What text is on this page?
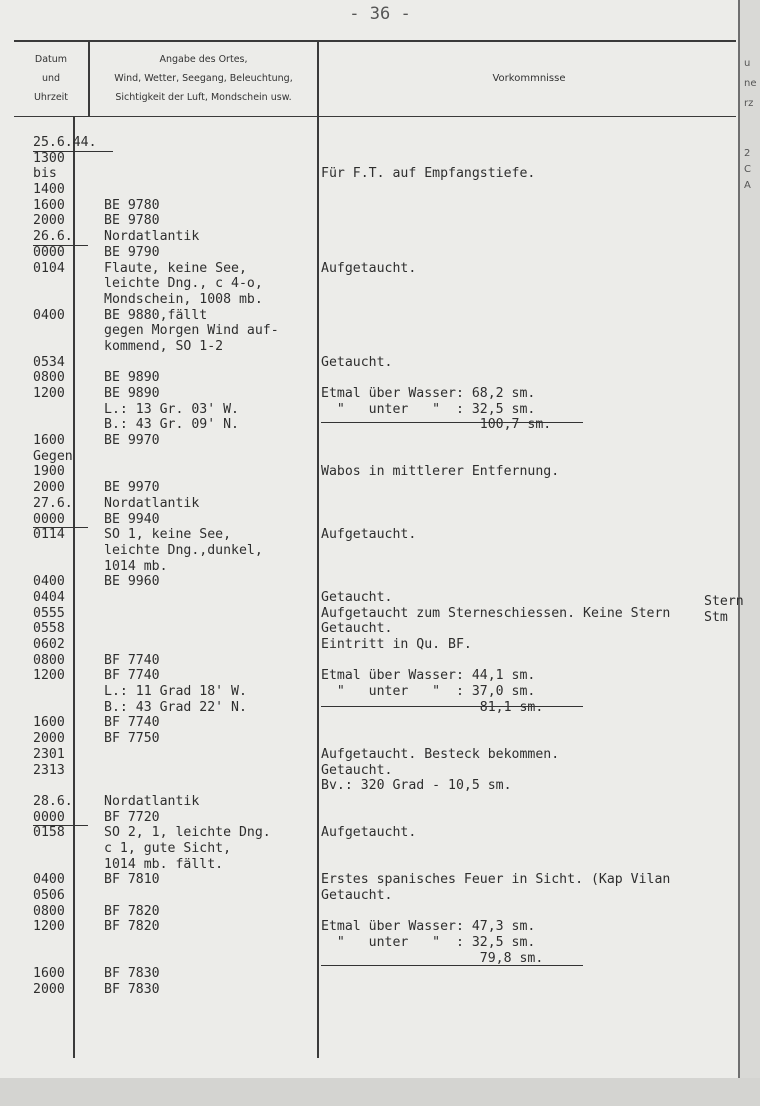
u
ne
rz
2
C
A
- 36 -
Datum
und
Uhrzeit
Angabe des Ortes,
Wind, Wetter, Seegang, Beleuchtung,
Sichtigkeit der Luft, Mondschein usw.
Vorkommnisse

25.6.44.

1300

bis

1400

1600

2000

26.6.

0000

0104

0400

0534

0800

1200

1600

Gegen

1900

2000

27.6.

0000

0114

0400

0404

0555

0558

0602

0800

1200

1600

2000

2301

2313

28.6.

0000

0158

0400

0506

0800

1200

1600

2000

BE 9780

BE 9780

Nordatlantik

BE 9790

Flaute, keine See,

leichte Dng., c 4-o,

Mondschein, 1008 mb.

BE 9880,fällt

gegen Morgen Wind auf-

kommend, SO 1-2

BE 9890

BE 9890

L.: 13 Gr. 03' W.

B.: 43 Gr. 09' N.

BE 9970

BE 9970

Nordatlantik

BE 9940

SO 1, keine See,

leichte Dng.,dunkel,

1014 mb.

BE 9960

BF 7740

BF 7740

L.: 11 Grad 18' W.

B.: 43 Grad 22' N.

BF 7740

BF 7750

Nordatlantik

BF 7720

SO 2, 1, leichte Dng.

c 1, gute Sicht,

1014 mb. fällt.

BF 7810

BF 7820

BF 7820

BF 7830

BF 7830

Für F.T. auf Empfangstiefe.

Aufgetaucht.

Getaucht.

Etmal über Wasser: 68,2 sm.

"   unter   "  : 32,5 sm.

100,7 sm.

Wabos in mittlerer Entfernung.

Aufgetaucht.

Getaucht.

Aufgetaucht zum Sterneschiessen. Keine Stern

Getaucht.

Eintritt in Qu. BF.

Etmal über Wasser: 44,1 sm.

"   unter   "  : 37,0 sm.

81,1 sm.

Aufgetaucht. Besteck bekommen.

Getaucht.

Bv.: 320 Grad - 10,5 sm.

Aufgetaucht.

Erstes spanisches Feuer in Sicht. (Kap Vilan

Getaucht.

Etmal über Wasser: 47,3 sm.

"   unter   "  : 32,5 sm.

79,8 sm.

Stern
Stm
